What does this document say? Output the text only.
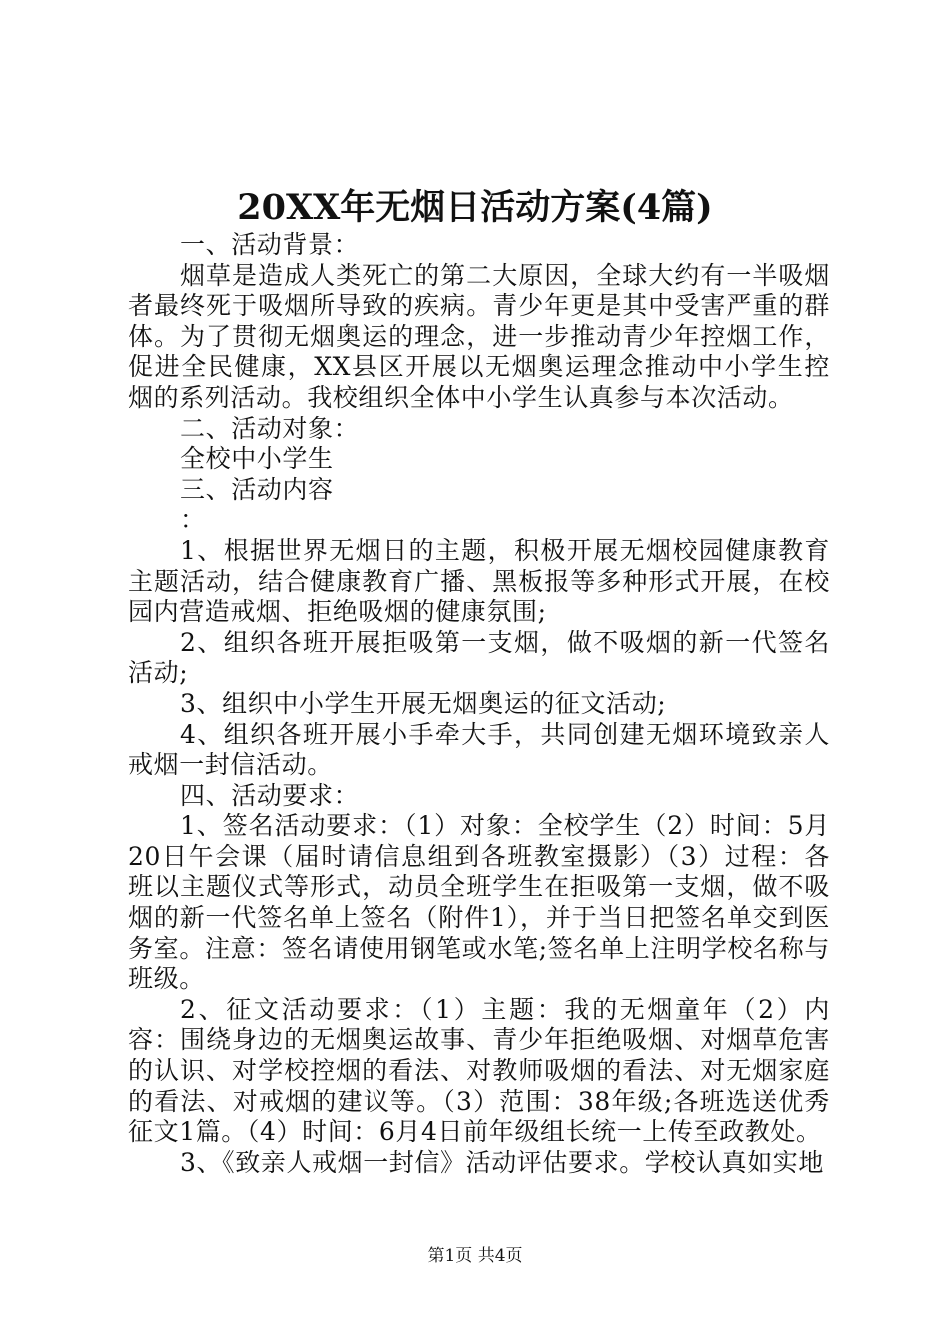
20XX年无烟日活动方案(4篇)

一、活动背景：

烟草是造成人类死亡的第二大原因，全球大约有一半吸烟者最终死于吸烟所导致的疾病。青少年更是其中受害严重的群体。为了贯彻无烟奥运的理念，进一步推动青少年控烟工作，促进全民健康，XX县区开展以无烟奥运理念推动中小学生控烟的系列活动。我校组织全体中小学生认真参与本次活动。

二、活动对象：

全校中小学生

三、活动内容

：

1、根据世界无烟日的主题，积极开展无烟校园健康教育主题活动，结合健康教育广播、黑板报等多种形式开展，在校园内营造戒烟、拒绝吸烟的健康氛围;

2、组织各班开展拒吸第一支烟，做不吸烟的新一代签名活动;

3、组织中小学生开展无烟奥运的征文活动;

4、组织各班开展小手牵大手，共同创建无烟环境致亲人戒烟一封信活动。

四、活动要求：

1、签名活动要求：（1）对象：全校学生（2）时间：5月20日午会课（届时请信息组到各班教室摄影）（3）过程：各班以主题仪式等形式，动员全班学生在拒吸第一支烟，做不吸烟的新一代签名单上签名（附件1），并于当日把签名单交到医务室。注意：签名请使用钢笔或水笔;签名单上注明学校名称与班级。

2、征文活动要求：（1）主题：我的无烟童年（2）内容：围绕身边的无烟奥运故事、青少年拒绝吸烟、对烟草危害的认识、对学校控烟的看法、对教师吸烟的看法、对无烟家庭的看法、对戒烟的建议等。（3）范围：38年级;各班选送优秀征文1篇。（4）时间：6月4日前年级组长统一上传至政教处。

3、《致亲人戒烟一封信》活动评估要求。学校认真如实地

第1页 共4页
